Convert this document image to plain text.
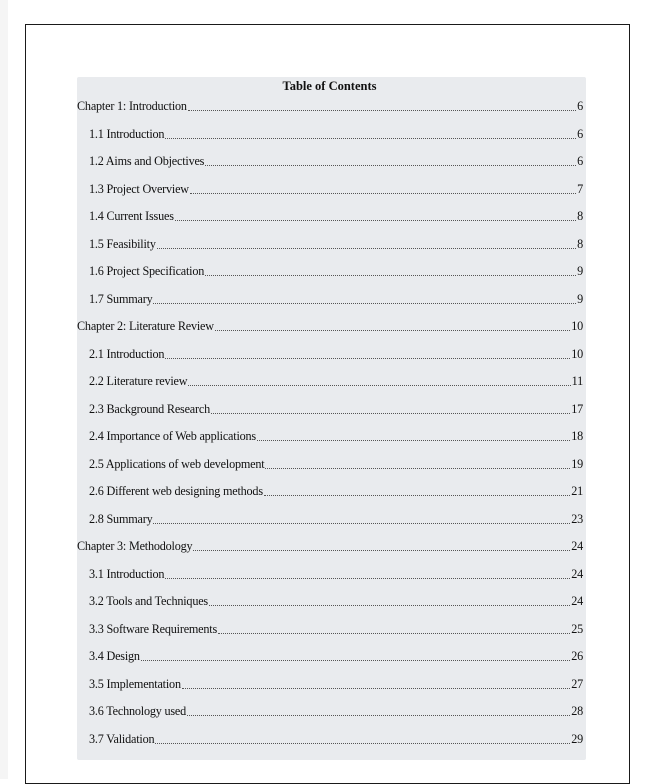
Table of Contents
Chapter 1: Introduction	6
1.1 Introduction	6
1.2 Aims and Objectives	6
1.3 Project Overview	7
1.4 Current Issues	8
1.5 Feasibility	8
1.6 Project Specification	9
1.7 Summary	9
Chapter 2: Literature Review	10
2.1 Introduction	10
2.2 Literature review	11
2.3 Background Research	17
2.4 Importance of Web applications	18
2.5 Applications of web development	19
2.6 Different web designing methods	21
2.8 Summary	23
Chapter 3: Methodology	24
3.1 Introduction	24
3.2 Tools and Techniques	24
3.3 Software Requirements	25
3.4 Design	26
3.5 Implementation	27
3.6 Technology used	28
3.7 Validation	29
